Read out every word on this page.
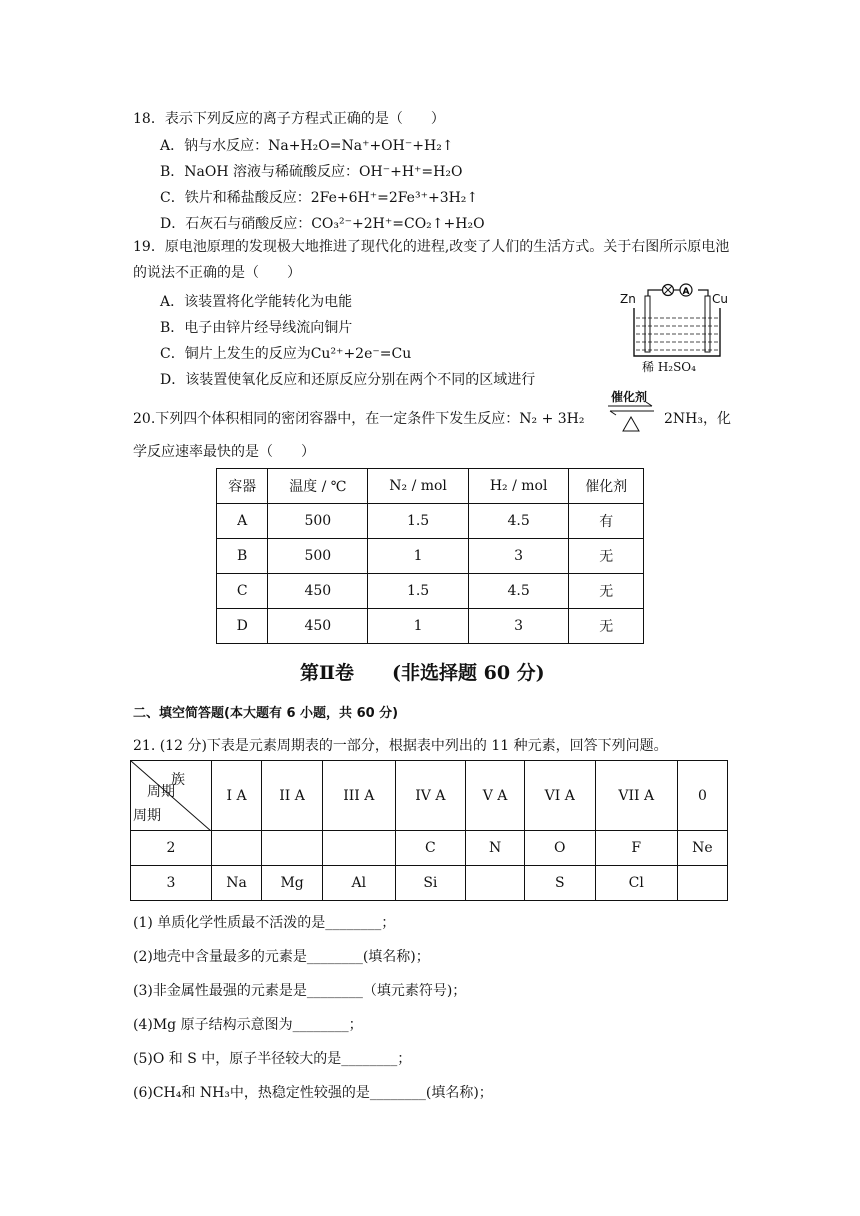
18．表示下列反应的离子方程式正确的是（　　）
A．钠与水反应：Na+H₂O=Na⁺+OH⁻+H₂↑
B．NaOH 溶液与稀硫酸反应：OH⁻+H⁺=H₂O
C．铁片和稀盐酸反应：2Fe+6H⁺=2Fe³⁺+3H₂↑
D．石灰石与硝酸反应：CO₃²⁻+2H⁺=CO₂↑+H₂O
19．原电池原理的发现极大地推进了现代化的进程,改变了人们的生活方式。关于右图所示原电池的说法不正确的是（　　）
A．该装置将化学能转化为电能
B．电子由锌片经导线流向铜片
C．铜片上发生的反应为Cu²⁺+2e⁻=Cu
D．该装置使氧化反应和还原反应分别在两个不同的区域进行
A
Zn	Cu
稀 H₂SO₄
20.下列四个体积相同的密闭容器中，在一定条件下发生反应：N₂ + 3H₂
催化剂
2NH₃，化
学反应速率最快的是（　　）
容器	温度 / ℃	N₂ / mol	H₂ / mol	催化剂
A	500	1.5	4.5	有
B	500	1	3	无
C	450	1.5	4.5	无
D	450	1	3	无
第Ⅱ卷　　(非选择题 60 分)
二、填空简答题(本大题有 6 小题，共 60 分)
21. (12 分)下表是元素周期表的一部分，根据表中列出的 11 种元素，回答下列问题。
族
周期
周期	I A	II A	III A	IV A	V A	VI A	VII A	0
2				C	N	O	F	Ne
3	Na	Mg	Al	Si		S	Cl	
(1) 单质化学性质最不活泼的是________；
(2)地壳中含量最多的元素是________(填名称)；
(3)非金属性最强的元素是是________（填元素符号)；
(4)Mg 原子结构示意图为________；
(5)O 和 S 中，原子半径较大的是________；
(6)CH₄和 NH₃中，热稳定性较强的是________(填名称)；
